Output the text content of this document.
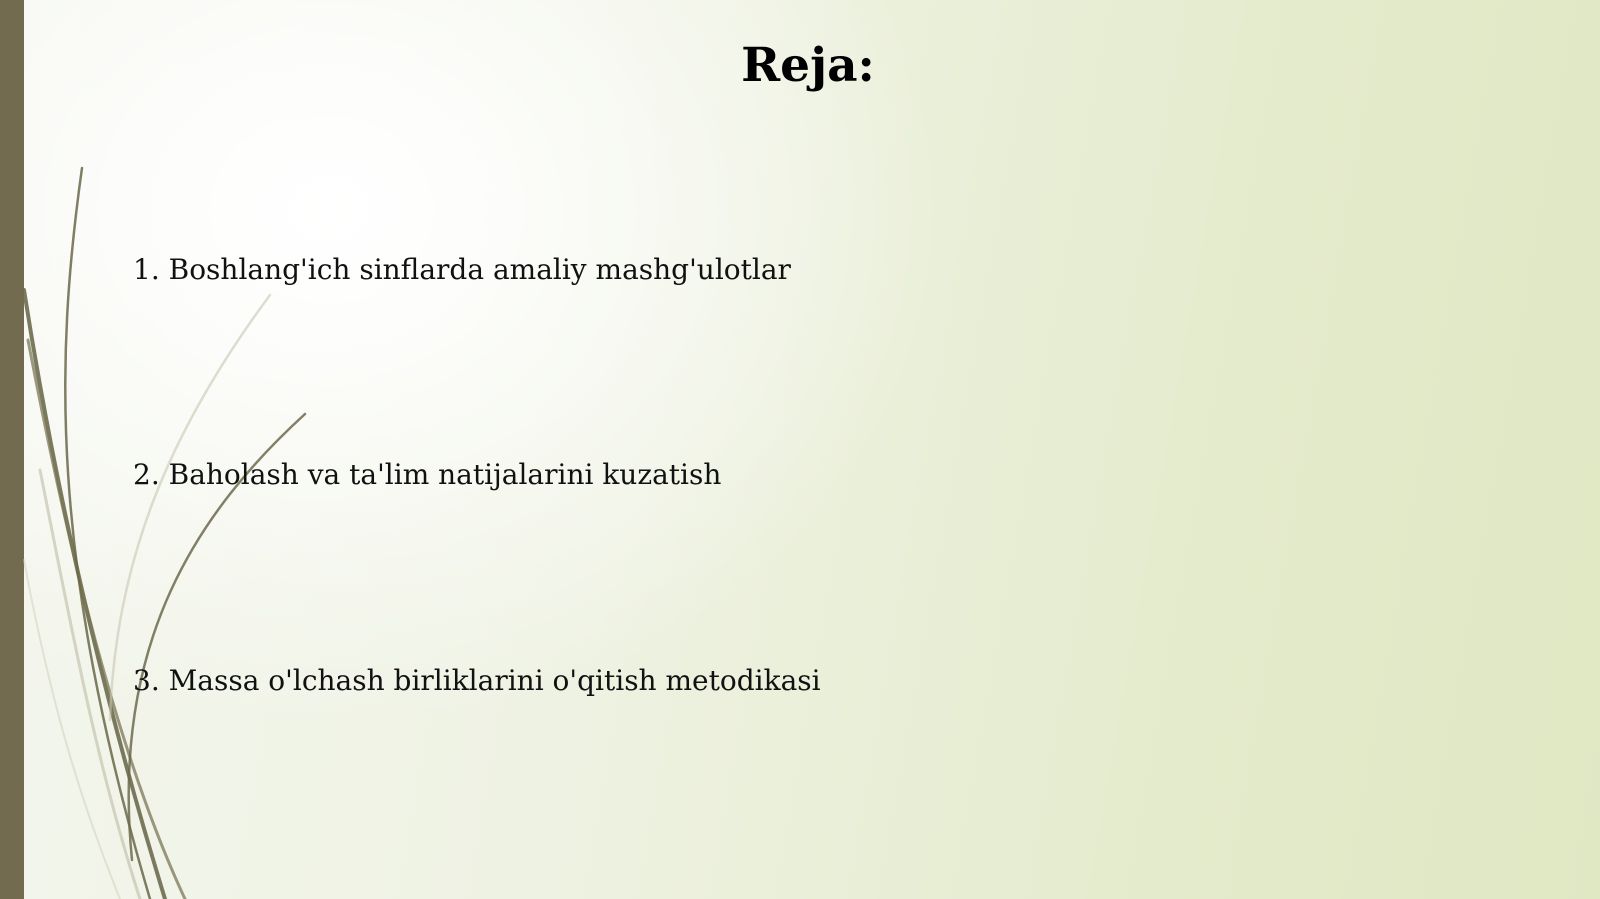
Reja:
1. Boshlang'ich sinflarda amaliy mashg'ulotlar
2. Baholash va ta'lim natijalarini kuzatish
3. Massa o'lchash birliklarini o'qitish metodikasi
